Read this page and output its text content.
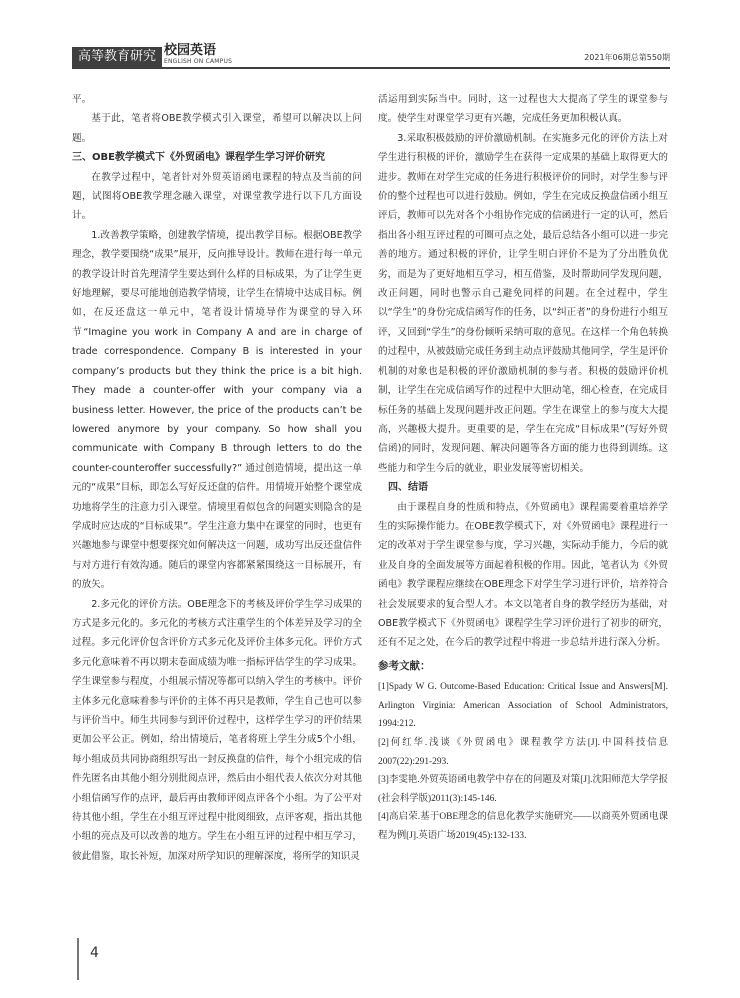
高等教育研究 校园英语
ENGLISH ON CAMPUS	2021年06期总第550期

平。

基于此，笔者将OBE教学模式引入课堂，希望可以解决以上问题。

三、OBE教学模式下《外贸函电》课程学生学习评价研究

在教学过程中，笔者针对外贸英语函电课程的特点及当前的问题，试图将OBE教学理念融入课堂，对课堂教学进行以下几方面设计。

1.改善教学策略，创建教学情境，提出教学目标。根据OBE教学理念，教学要围绕“成果”展开，反向推导设计。教师在进行每一单元的教学设计时首先理清学生要达到什么样的目标成果，为了让学生更好地理解，要尽可能地创造教学情境，让学生在情境中达成目标。例如，在反还盘这一单元中，笔者设计情境导作为课堂的导入环节“Imagine you work in Company A and are in charge of trade correspondence. Company B is interested in your company’s products but they think the price is a bit high. They made a counter-offer with your company via a business letter. However, the price of the products can’t be lowered anymore by your company. So how shall you communicate with Company B through letters to do the counter-counteroffer successfully?” 通过创造情境，提出这一单元的“成果”目标，即怎么写好反还盘的信件。用情境开始整个课堂成功地将学生的注意力引入课堂。情境里看似包含的问题实则隐含的是学成时应达成的“目标成果”。学生注意力集中在课堂的同时，也更有兴趣地参与课堂中想要探究如何解决这一问题，成功写出反还盘信件与对方进行有效沟通。随后的课堂内容都紧紧围绕这一目标展开，有的放矢。

2.多元化的评价方法。OBE理念下的考核及评价学生学习成果的方式是多元化的。多元化的考核方式注重学生的个体差异及学习的全过程。多元化评价包含评价方式多元化及评价主体多元化。评价方式多元化意味着不再以期末卷面成绩为唯一指标评估学生的学习成果。学生课堂参与程度，小组展示情况等都可以纳入学生的考核中。评价主体多元化意味着参与评价的主体不再只是教师，学生自己也可以参与评价当中。师生共同参与到评价过程中，这样学生学习的评价结果更加公平公正。例如，给出情境后，笔者将班上学生分成5个小组，每小组成员共同协商组织写出一封反换盘的信件，每个小组完成的信件先匿名由其他小组分别批阅点评，然后由小组代表人依次分对其他小组信函写作的点评，最后再由教师评阅点评各个小组。为了公平对待其他小组，学生在小组互评过程中批阅细致，点评客观，指出其他小组的亮点及可以改善的地方。学生在小组互评的过程中相互学习，彼此借鉴，取长补短，加深对所学知识的理解深度，将所学的知识灵

活运用到实际当中。同时，这一过程也大大提高了学生的课堂参与度。使学生对课堂学习更有兴趣，完成任务更加积极认真。

3.采取积极鼓励的评价激励机制。在实施多元化的评价方法上对学生进行积极的评价，激励学生在获得一定成果的基础上取得更大的进步。教师在对学生完成的任务进行积极评价的同时，对学生参与评价的整个过程也可以进行鼓励。例如，学生在完成反换盘信函小组互评后，教师可以先对各个小组协作完成的信函进行一定的认可，然后指出各小组互评过程的可圈可点之处，最后总结各小组可以进一步完善的地方。通过积极的评价，让学生明白评价不是为了分出胜负优劣，而是为了更好地相互学习，相互借鉴，及时帮助同学发现问题，改正问题，同时也警示自己避免同样的问题。在全过程中，学生以“学生”的身份完成信函写作的任务，以“纠正者”的身份进行小组互评，又回到“学生”的身份倾听采纳可取的意见。在这样一个角色转换的过程中，从被鼓励完成任务到主动点评鼓励其他同学，学生是评价机制的对象也是积极的评价激励机制的参与者。积极的鼓励评价机制，让学生在完成信函写作的过程中大胆动笔，细心检查，在完成目标任务的基础上发现问题并改正问题。学生在课堂上的参与度大大提高，兴趣极大提升。更重要的是，学生在完成“目标成果”(写好外贸信函)的同时，发现问题、解决问题等各方面的能力也得到训练。这些能力和学生今后的就业，职业发展等密切相关。

四、结语

由于课程自身的性质和特点，《外贸函电》课程需要着重培养学生的实际操作能力。在OBE教学模式下，对《外贸函电》课程进行一定的改革对于学生课堂参与度，学习兴趣，实际动手能力，今后的就业及自身的全面发展等方面起着积极的作用。因此，笔者认为《外贸函电》教学课程应继续在OBE理念下对学生学习进行评价，培养符合社会发展要求的复合型人才。本文以笔者自身的教学经历为基础，对OBE教学模式下《外贸函电》课程学生学习评价进行了初步的研究，还有不足之处，在今后的教学过程中将进一步总结并进行深入分析。

参考文献：

[1]Spady W G. Outcome-Based Education: Critical Issue and Answers[M]. Arlington Virginia: American Association of School Administrators, 1994:212.

[2]何红华.浅谈《外贸函电》课程教学方法[J].中国科技信息2007(22):291-293.

[3]李雯艳.外贸英语函电教学中存在的问题及对策[J].沈阳师范大学学报(社会科学版)2011(3):145-146.

[4]高启荣.基于OBE理念的信息化教学实施研究——以商英外贸函电课程为例[J].英语广场2019(45):132-133.

4
